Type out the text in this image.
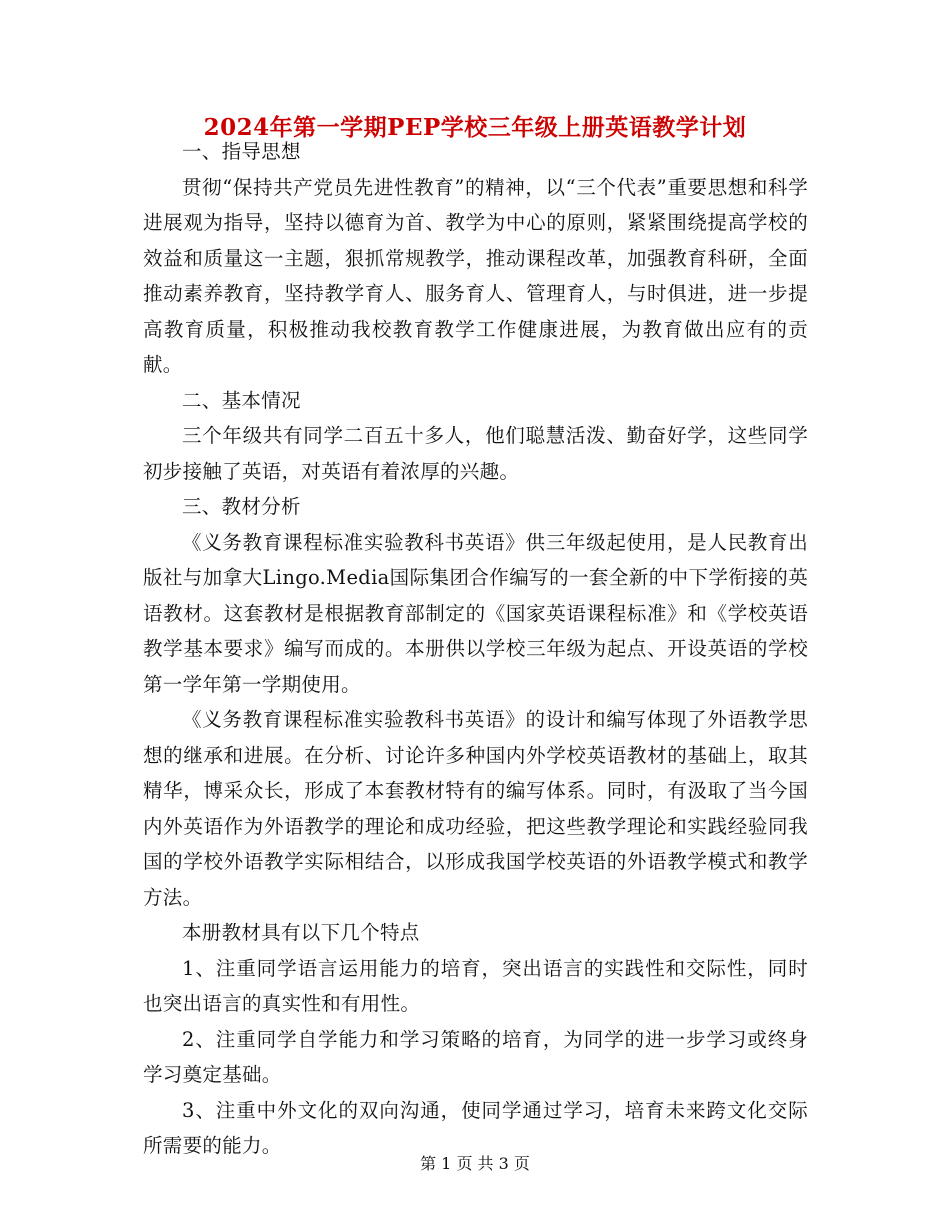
2024年第一学期PEP学校三年级上册英语教学计划

一、指导思想

贯彻“保持共产党员先进性教育”的精神，以“三个代表”重要思想和科学进展观为指导，坚持以德育为首、教学为中心的原则，紧紧围绕提高学校的效益和质量这一主题，狠抓常规教学，推动课程改革，加强教育科研，全面推动素养教育，坚持教学育人、服务育人、管理育人，与时俱进，进一步提高教育质量，积极推动我校教育教学工作健康进展，为教育做出应有的贡献。

二、基本情况

三个年级共有同学二百五十多人，他们聪慧活泼、勤奋好学，这些同学初步接触了英语，对英语有着浓厚的兴趣。

三、教材分析

《义务教育课程标准实验教科书英语》供三年级起使用，是人民教育出版社与加拿大Lingo.Media国际集团合作编写的一套全新的中下学衔接的英语教材。这套教材是根据教育部制定的《国家英语课程标准》和《学校英语教学基本要求》编写而成的。本册供以学校三年级为起点、开设英语的学校第一学年第一学期使用。

《义务教育课程标准实验教科书英语》的设计和编写体现了外语教学思想的继承和进展。在分析、讨论许多种国内外学校英语教材的基础上，取其精华，博采众长，形成了本套教材特有的编写体系。同时，有汲取了当今国内外英语作为外语教学的理论和成功经验，把这些教学理论和实践经验同我国的学校外语教学实际相结合，以形成我国学校英语的外语教学模式和教学方法。

本册教材具有以下几个特点

1、注重同学语言运用能力的培育，突出语言的实践性和交际性，同时也突出语言的真实性和有用性。

2、注重同学自学能力和学习策略的培育，为同学的进一步学习或终身学习奠定基础。

3、注重中外文化的双向沟通，使同学通过学习，培育未来跨文化交际所需要的能力。

第 1 页 共 3 页
